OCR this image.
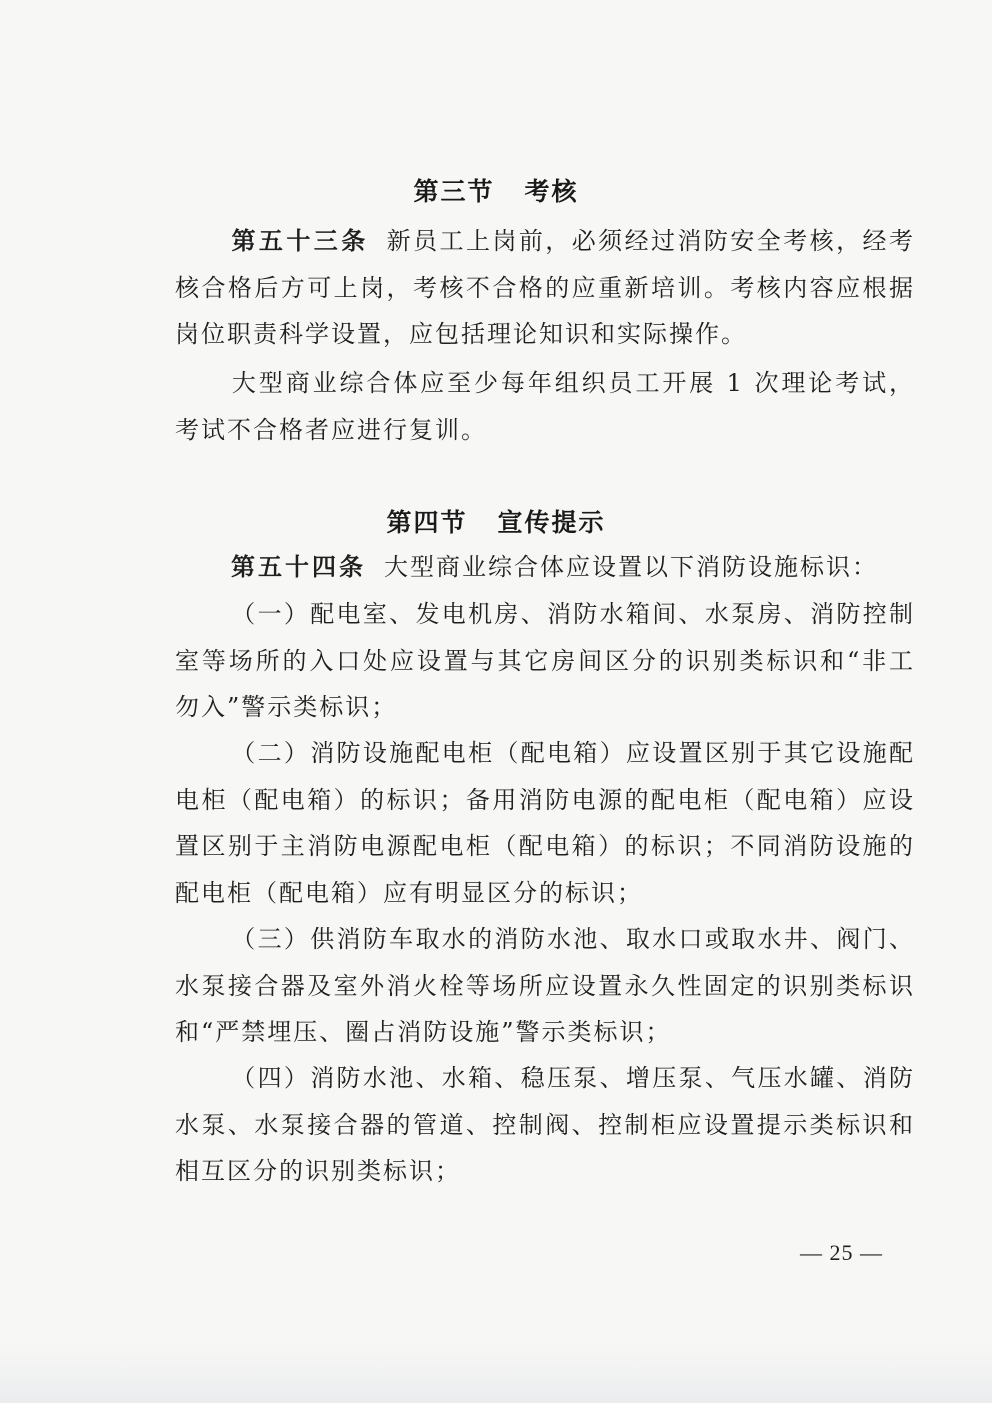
第三节 考核
第五十三条 新员工上岗前，必须经过消防安全考核，经考核合格后方可上岗，考核不合格的应重新培训。考核内容应根据岗位职责科学设置，应包括理论知识和实际操作。
大型商业综合体应至少每年组织员工开展 1 次理论考试，考试不合格者应进行复训。
第四节 宣传提示
第五十四条 大型商业综合体应设置以下消防设施标识：
（一）配电室、发电机房、消防水箱间、水泵房、消防控制室等场所的入口处应设置与其它房间区分的识别类标识和“非工勿入”警示类标识；
（二）消防设施配电柜（配电箱）应设置区别于其它设施配电柜（配电箱）的标识；备用消防电源的配电柜（配电箱）应设置区别于主消防电源配电柜（配电箱）的标识；不同消防设施的配电柜（配电箱）应有明显区分的标识；
（三）供消防车取水的消防水池、取水口或取水井、阀门、水泵接合器及室外消火栓等场所应设置永久性固定的识别类标识和“严禁埋压、圈占消防设施”警示类标识；
（四）消防水池、水箱、稳压泵、增压泵、气压水罐、消防水泵、水泵接合器的管道、控制阀、控制柜应设置提示类标识和相互区分的识别类标识；
— 25 —
